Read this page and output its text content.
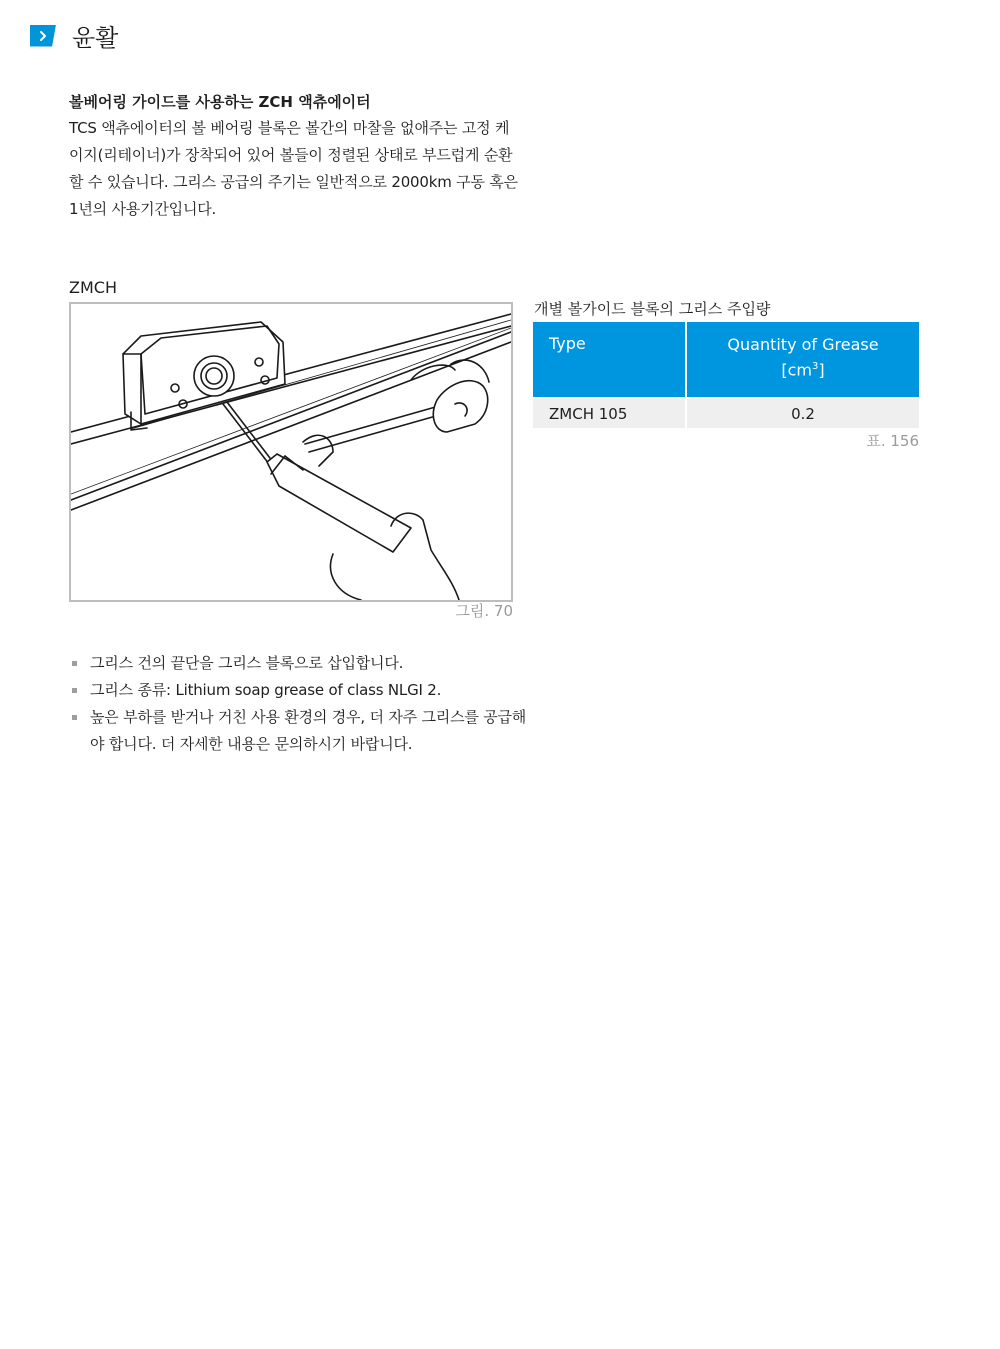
윤활

볼베어링 가이드를 사용하는 ZCH 액츄에이터

TCS 액츄에이터의 볼 베어링 블록은 볼간의 마찰을 없애주는 고정 케이지(리테이너)가 장착되어 있어 볼들이 정렬된 상태로 부드럽게 순환할 수 있습니다. 그리스 공급의 주기는 일반적으로 2000km 구동 혹은 1년의 사용기간입니다.

ZMCH
그림. 70
그리스 건의 끝단을 그리스 블록으로 삽입합니다.
그리스 종류: Lithium soap grease of class NLGI 2.
높은 부하를 받거나 거친 사용 환경의 경우, 더 자주 그리스를 공급해야 합니다. 더 자세한 내용은 문의하시기 바랍니다.
개별 볼가이드 블록의 그리스 주입량
Type	Quantity of Grease
$[cm^3]$
ZMCH 105	0.2
표. 156
